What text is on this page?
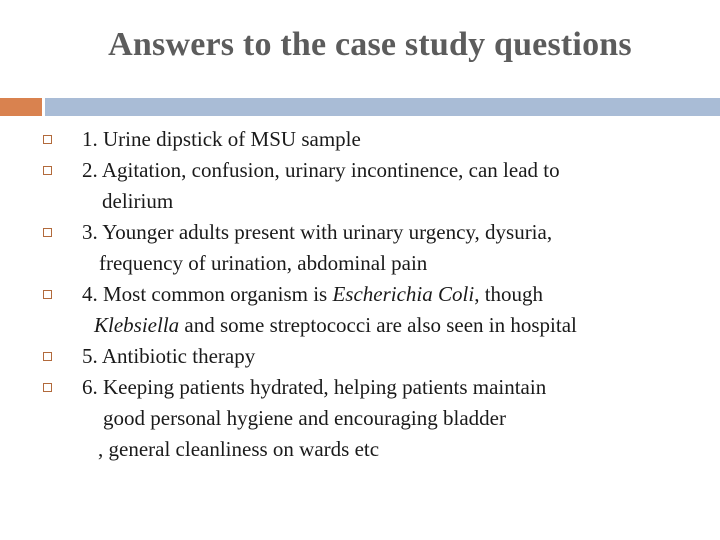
Answers to the case study questions
1. Urine dipstick of MSU sample
2. Agitation, confusion, urinary incontinence, can lead to
delirium
3. Younger adults present with urinary urgency, dysuria,
frequency of urination, abdominal pain
4. Most common organism is Escherichia Coli, though
Klebsiella and some streptococci are also seen in hospital
5. Antibiotic therapy
6. Keeping patients hydrated, helping patients maintain
good personal hygiene and encouraging bladder
, general cleanliness on wards etc
